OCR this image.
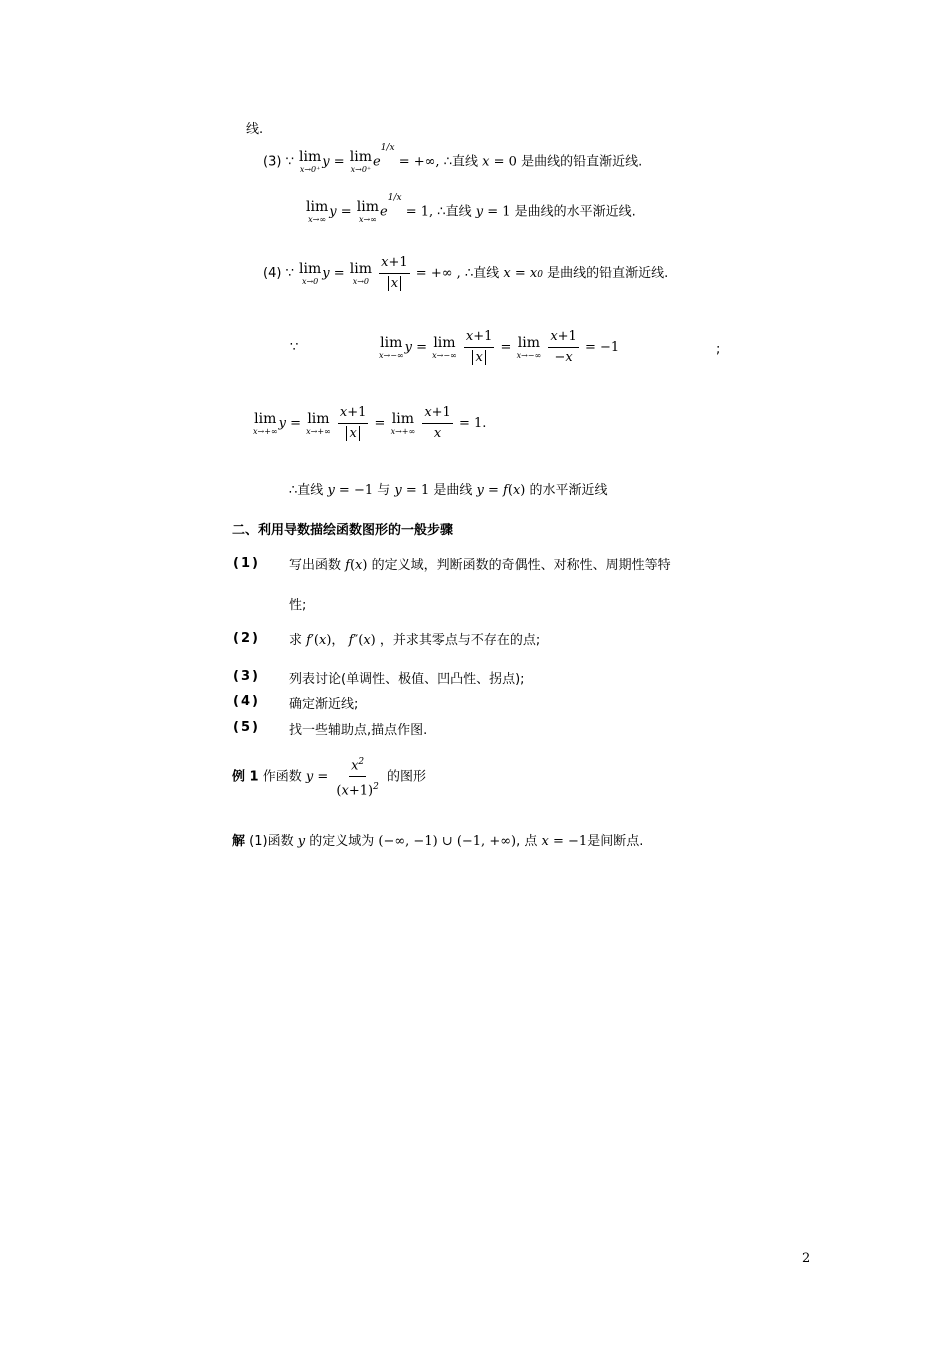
线.
(3) ∵ lim
x→0⁺ y = lim
x→0⁺ $e^{1/x}$ = +∞, ∴直线 x = 0 是曲线的铅直渐近线.
lim
x→∞ y = lim
x→∞ $e^{1/x} = 1$, ∴直线 y = 1 是曲线的水平渐近线.
(4) ∵ lim
x→0 y = lim
x→0
$\frac{x+1}{x}$ = +∞ , ∴直线 x = x0 是曲线的铅直渐近线.
∵	lim
x→−∞ y = lim
x→−∞
$\frac{x+1}{x} = \lim$
x→−∞
$\frac{x+1}{-x} = -1$	;
lim
x→+∞ y = lim
x→+∞
$\frac{x+1}{x} = \lim$
x→+∞
$\frac{x+1}{x} = 1$.
∴直线 y = −1 与 y = 1 是曲线 y = f(x) 的水平渐近线
二、利用导数描绘函数图形的一般步骤
(1) 写出函数 f(x) 的定义域，判断函数的奇偶性、对称性、周期性等特
性;
(2) 求 f′(x)， f″(x) ，并求其零点与不存在的点;
(3) 列表讨论(单调性、极值、凹凸性、拐点);
(4) 确定渐近线;
(5) 找一些辅助点,描点作图.
例 1 作函数 $y = \frac{x^2}{(x+1)^2}$ 的图形
解 (1)函数 y 的定义域为 (−∞, −1) ∪ (−1, +∞), 点 x = −1是间断点.
2
